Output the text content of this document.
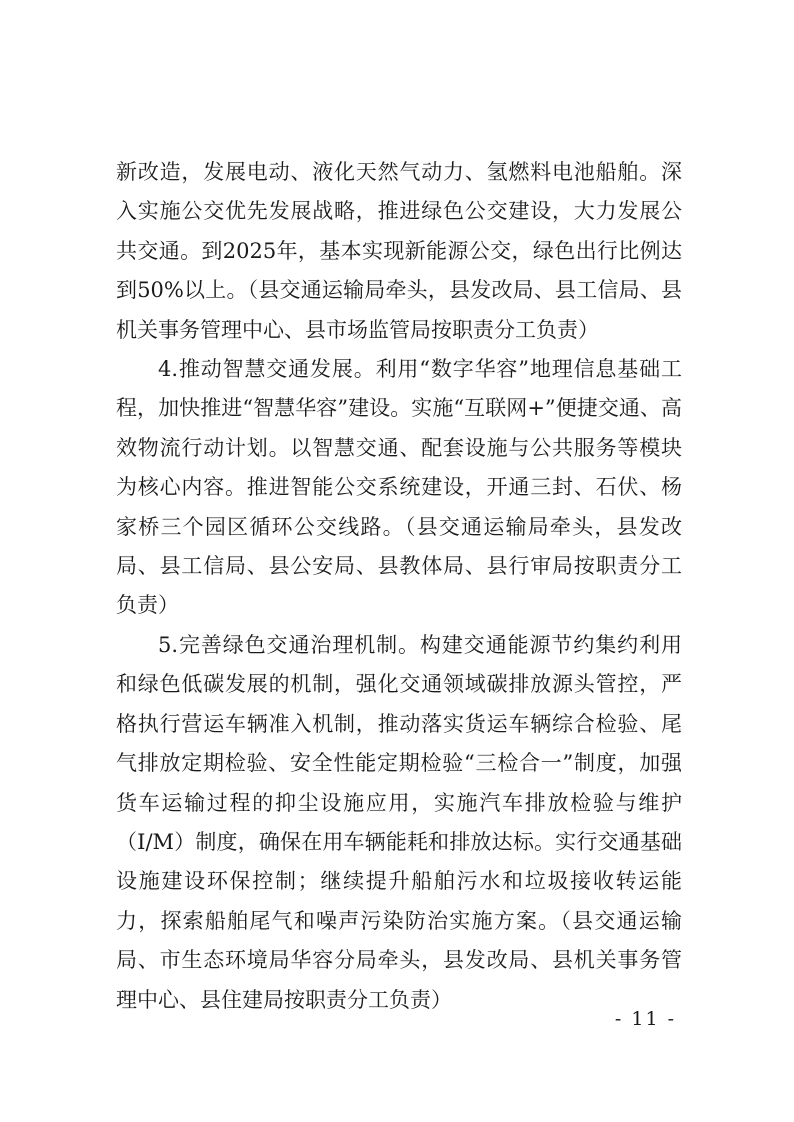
新改造，发展电动、液化天然气动力、氢燃料电池船舶。深入实施公交优先发展战略，推进绿色公交建设，大力发展公共交通。到2025年，基本实现新能源公交，绿色出行比例达到50%以上。（县交通运输局牵头，县发改局、县工信局、县机关事务管理中心、县市场监管局按职责分工负责）

4.推动智慧交通发展。利用“数字华容”地理信息基础工程，加快推进“智慧华容”建设。实施“互联网+”便捷交通、高效物流行动计划。以智慧交通、配套设施与公共服务等模块为核心内容。推进智能公交系统建设，开通三封、石伏、杨家桥三个园区循环公交线路。（县交通运输局牵头，县发改局、县工信局、县公安局、县教体局、县行审局按职责分工负责）

5.完善绿色交通治理机制。构建交通能源节约集约利用和绿色低碳发展的机制，强化交通领域碳排放源头管控，严格执行营运车辆准入机制，推动落实货运车辆综合检验、尾气排放定期检验、安全性能定期检验“三检合一”制度，加强货车运输过程的抑尘设施应用，实施汽车排放检验与维护（I/M）制度，确保在用车辆能耗和排放达标。实行交通基础设施建设环保控制；继续提升船舶污水和垃圾接收转运能力，探索船舶尾气和噪声污染防治实施方案。（县交通运输局、市生态环境局华容分局牵头，县发改局、县机关事务管理中心、县住建局按职责分工负责）

- 11 -
